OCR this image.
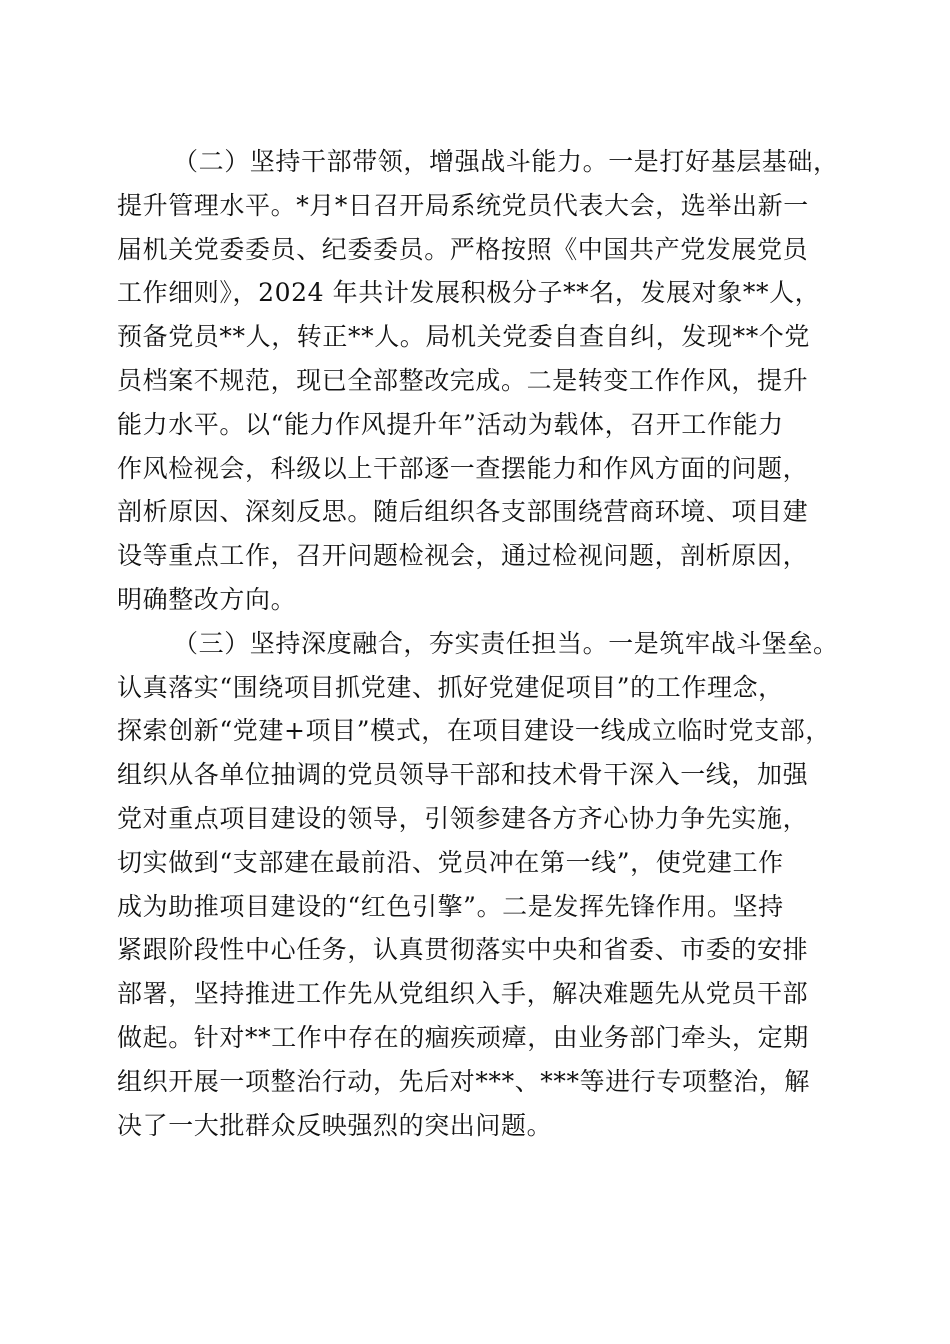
（二）坚持干部带领，增强战斗能力。一是打好基层基础，
提升管理水平。*月*日召开局系统党员代表大会，选举出新一
届机关党委委员、纪委委员。严格按照《中国共产党发展党员
工作细则》，2024 年共计发展积极分子**名，发展对象**人，
预备党员**人，转正**人。局机关党委自查自纠，发现**个党
员档案不规范，现已全部整改完成。二是转变工作作风，提升
能力水平。以“能力作风提升年”活动为载体，召开工作能力
作风检视会，科级以上干部逐一查摆能力和作风方面的问题，
剖析原因、深刻反思。随后组织各支部围绕营商环境、项目建
设等重点工作，召开问题检视会，通过检视问题，剖析原因，
明确整改方向。
（三）坚持深度融合，夯实责任担当。一是筑牢战斗堡垒。
认真落实“围绕项目抓党建、抓好党建促项目”的工作理念，
探索创新“党建+项目”模式，在项目建设一线成立临时党支部，
组织从各单位抽调的党员领导干部和技术骨干深入一线，加强
党对重点项目建设的领导，引领参建各方齐心协力争先实施，
切实做到“支部建在最前沿、党员冲在第一线”，使党建工作
成为助推项目建设的“红色引擎”。二是发挥先锋作用。坚持
紧跟阶段性中心任务，认真贯彻落实中央和省委、市委的安排
部署，坚持推进工作先从党组织入手，解决难题先从党员干部
做起。针对**工作中存在的痼疾顽瘴，由业务部门牵头，定期
组织开展一项整治行动，先后对***、***等进行专项整治，解
决了一大批群众反映强烈的突出问题。
